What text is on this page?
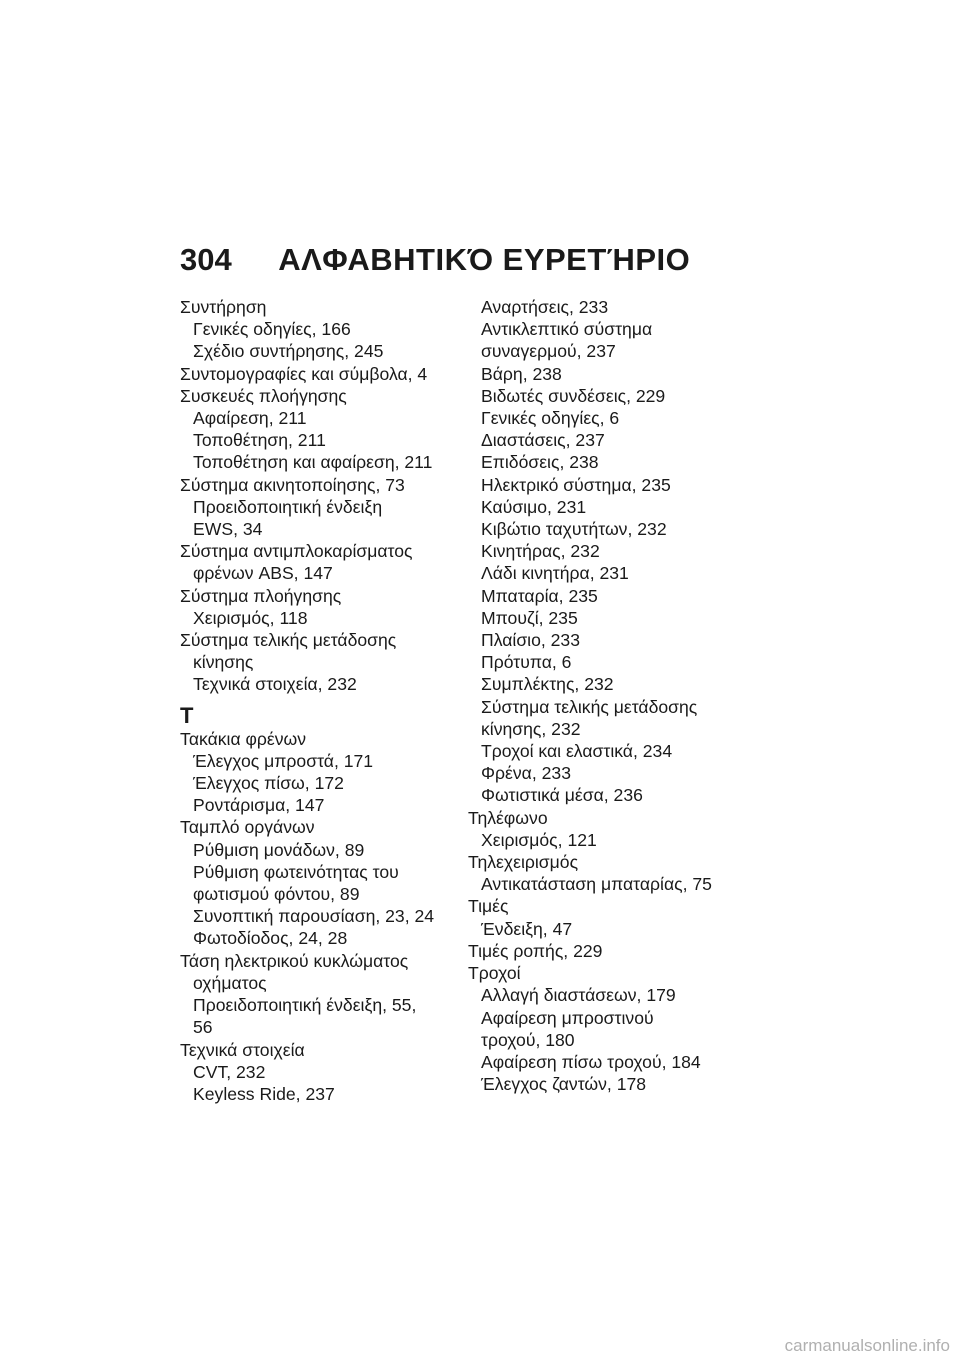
304 ΑΛΦΑΒΗΤΙΚΌ ΕΥΡΕΤΉΡΙΟ
Συντήρηση
Γενικές οδηγίες, 166
Σχέδιο συντήρησης, 245
Συντομογραφίες και σύμβολα, 4
Συσκευές πλοήγησης
Αφαίρεση, 211
Τοποθέτηση, 211
Τοποθέτηση και αφαίρεση, 211
Σύστημα ακινητοποίησης, 73
Προειδοποιητική ένδειξη
EWS, 34
Σύστημα αντιμπλοκαρίσματος
φρένων ABS, 147
Σύστημα πλοήγησης
Χειρισμός, 118
Σύστημα τελικής μετάδοσης
κίνησης
Τεχνικά στοιχεία, 232
Τ
Τακάκια φρένων
Έλεγχος μπροστά, 171
Έλεγχος πίσω, 172
Ροντάρισμα, 147
Ταμπλό οργάνων
Ρύθμιση μονάδων, 89
Ρύθμιση φωτεινότητας του
φωτισμού φόντου, 89
Συνοπτική παρουσίαση, 23, 24
Φωτοδίοδος, 24, 28
Τάση ηλεκτρικού κυκλώματος
οχήματος
Προειδοποιητική ένδειξη, 55,
56
Τεχνικά στοιχεία
CVT, 232
Keyless Ride, 237
Αναρτήσεις, 233
Αντικλεπτικό σύστημα
συναγερμού, 237
Βάρη, 238
Βιδωτές συνδέσεις, 229
Γενικές οδηγίες, 6
Διαστάσεις, 237
Επιδόσεις, 238
Ηλεκτρικό σύστημα, 235
Καύσιμο, 231
Κιβώτιο ταχυτήτων, 232
Κινητήρας, 232
Λάδι κινητήρα, 231
Μπαταρία, 235
Μπουζί, 235
Πλαίσιο, 233
Πρότυπα, 6
Συμπλέκτης, 232
Σύστημα τελικής μετάδοσης
κίνησης, 232
Τροχοί και ελαστικά, 234
Φρένα, 233
Φωτιστικά μέσα, 236
Τηλέφωνο
Χειρισμός, 121
Τηλεχειρισμός
Αντικατάσταση μπαταρίας, 75
Τιμές
Ένδειξη, 47
Τιμές ροπής, 229
Τροχοί
Αλλαγή διαστάσεων, 179
Αφαίρεση μπροστινού
τροχού, 180
Αφαίρεση πίσω τροχού, 184
Έλεγχος ζαντών, 178
carmanualsonline.info
